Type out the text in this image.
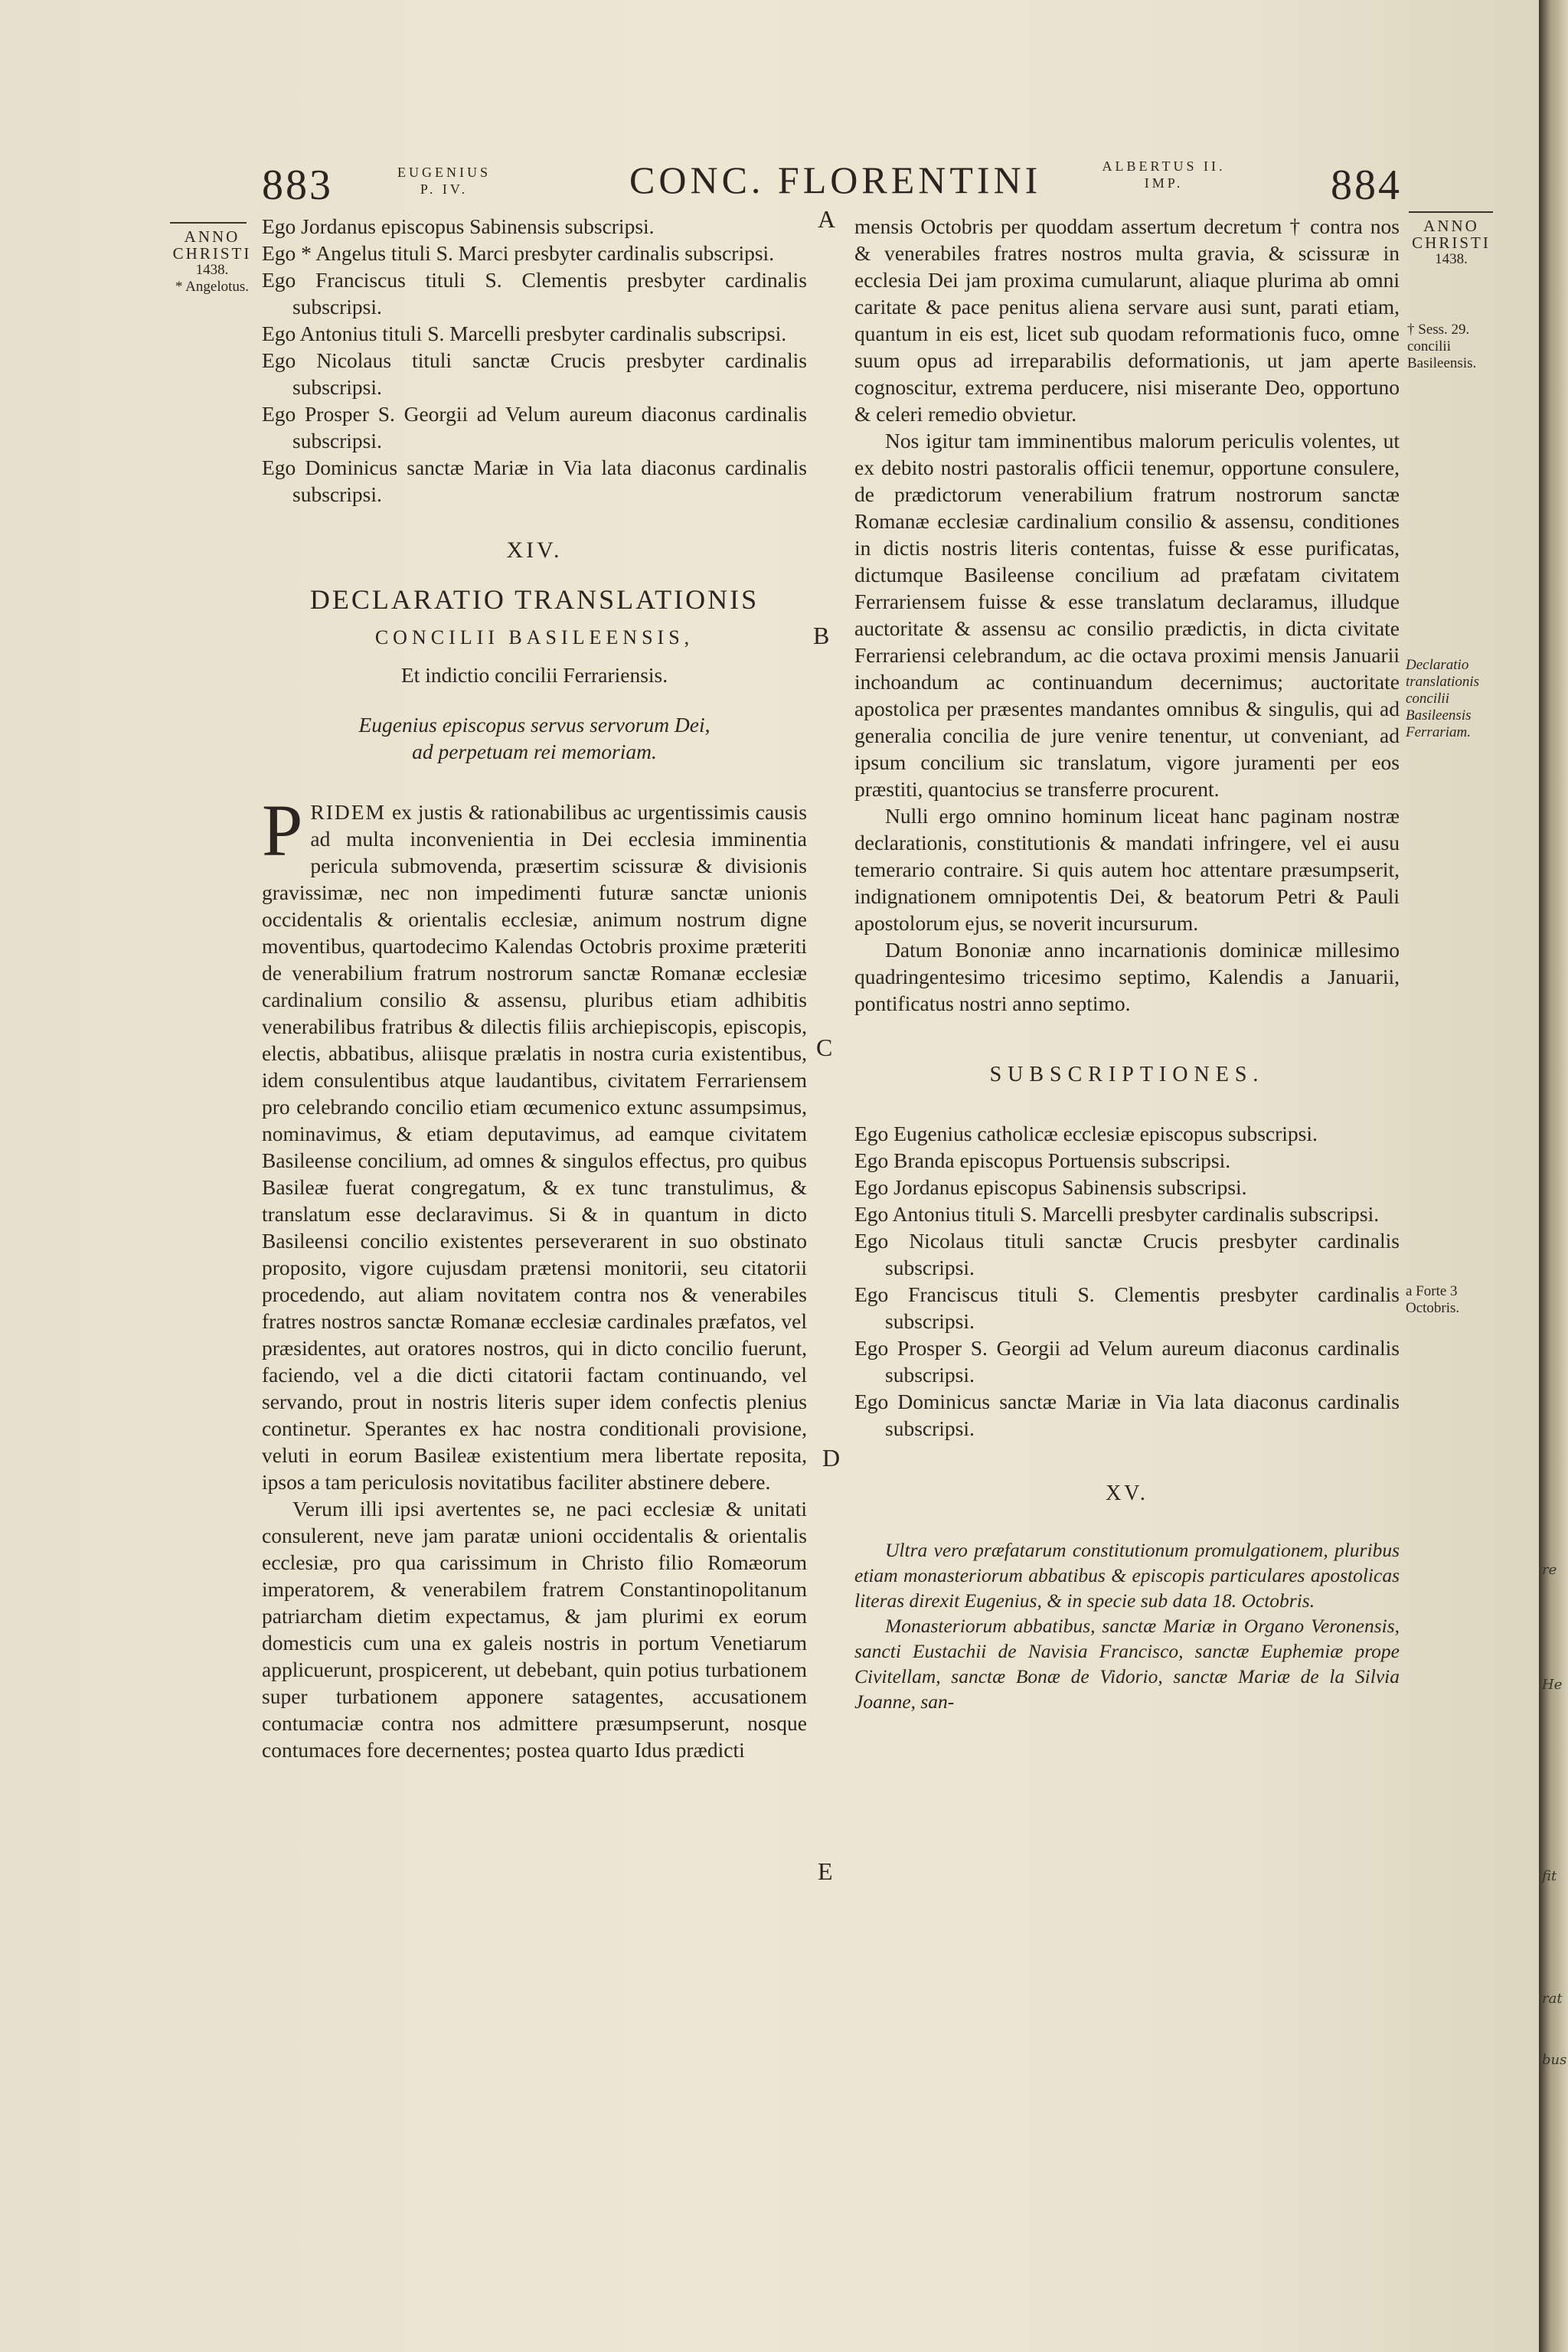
883	EUGENIUS
P. IV.	CONC. FLORENTINI	ALBERTUS II.
IMP.	884
ANNO
CHRISTI
1438.
* Angelotus.
ANNO
CHRISTI
1438.
† Sess. 29. concilii Basileensis.
Declaratio translationis concilii Basileensis Ferrariam.
a Forte 3 Octobris.
A
B
C
D
E

Ego Jordanus episcopus Sabinensis subscripsi.

Ego * Angelus tituli S. Marci presbyter cardinalis subscripsi.

Ego Franciscus tituli S. Clementis presbyter cardinalis subscripsi.

Ego Antonius tituli S. Marcelli presbyter cardinalis subscripsi.

Ego Nicolaus tituli sanctæ Crucis presbyter cardinalis subscripsi.

Ego Prosper S. Georgii ad Velum aureum diaconus cardinalis subscripsi.

Ego Dominicus sanctæ Mariæ in Via lata diaconus cardinalis subscripsi.

XIV.

DECLARATIO TRANSLATIONIS

CONCILII BASILEENSIS,

Et indictio concilii Ferrariensis.

Eugenius episcopus servus servorum Dei,

ad perpetuam rei memoriam.

PRIDEM ex justis & rationabilibus ac urgentissimis causis ad multa inconvenientia in Dei ecclesia imminentia pericula submovenda, præsertim scissuræ & divisionis gravissimæ, nec non impedimenti futuræ sanctæ unionis occidentalis & orientalis ecclesiæ, animum nostrum digne moventibus, quartodecimo Kalendas Octobris proxime præteriti de venerabilium fratrum nostrorum sanctæ Romanæ ecclesiæ cardinalium consilio & assensu, pluribus etiam adhibitis venerabilibus fratribus & dilectis filiis archiepiscopis, episcopis, electis, abbatibus, aliisque prælatis in nostra curia existentibus, idem consulentibus atque laudantibus, civitatem Ferrariensem pro celebrando concilio etiam œcumenico extunc assumpsimus, nominavimus, & etiam deputavimus, ad eamque civitatem Basileense concilium, ad omnes & singulos effectus, pro quibus Basileæ fuerat congregatum, & ex tunc transtulimus, & translatum esse declaravimus. Si & in quantum in dicto Basileensi concilio existentes perseverarent in suo obstinato proposito, vigore cujusdam prætensi monitorii, seu citatorii procedendo, aut aliam novitatem contra nos & venerabiles fratres nostros sanctæ Romanæ ecclesiæ cardinales præfatos, vel præsidentes, aut oratores nostros, qui in dicto concilio fuerunt, faciendo, vel a die dicti citatorii factam continuando, vel servando, prout in nostris literis super idem confectis plenius continetur. Sperantes ex hac nostra conditionali provisione, veluti in eorum Basileæ existentium mera libertate reposita, ipsos a tam periculosis novitatibus faciliter abstinere debere.

Verum illi ipsi avertentes se, ne paci ecclesiæ & unitati consulerent, neve jam paratæ unioni occidentalis & orientalis ecclesiæ, pro qua carissimum in Christo filio Romæorum imperatorem, & venerabilem fratrem Constantinopolitanum patriarcham dietim expectamus, & jam plurimi ex eorum domesticis cum una ex galeis nostris in portum Venetiarum applicuerunt, prospicerent, ut debebant, quin potius turbationem super turbationem apponere satagentes, accusationem contumaciæ contra nos admittere præsumpserunt, nosque contumaces fore decernentes; postea quarto Idus prædicti

mensis Octobris per quoddam assertum decretum † contra nos & venerabiles fratres nostros multa gravia, & scissuræ in ecclesia Dei jam proxima cumularunt, aliaque plurima ab omni caritate & pace penitus aliena servare ausi sunt, parati etiam, quantum in eis est, licet sub quodam reformationis fuco, omne suum opus ad irreparabilis deformationis, ut jam aperte cognoscitur, extrema perducere, nisi miserante Deo, opportuno & celeri remedio obvietur.

Nos igitur tam imminentibus malorum periculis volentes, ut ex debito nostri pastoralis officii tenemur, opportune consulere, de prædictorum venerabilium fratrum nostrorum sanctæ Romanæ ecclesiæ cardinalium consilio & assensu, conditiones in dictis nostris literis contentas, fuisse & esse purificatas, dictumque Basileense concilium ad præfatam civitatem Ferrariensem fuisse & esse translatum declaramus, illudque auctoritate & assensu ac consilio prædictis, in dicta civitate Ferrariensi celebrandum, ac die octava proximi mensis Januarii inchoandum ac continuandum decernimus; auctoritate apostolica per præsentes mandantes omnibus & singulis, qui ad generalia concilia de jure venire tenentur, ut conveniant, ad ipsum concilium sic translatum, vigore juramenti per eos præstiti, quantocius se transferre procurent.

Nulli ergo omnino hominum liceat hanc paginam nostræ declarationis, constitutionis & mandati infringere, vel ei ausu temerario contraire. Si quis autem hoc attentare præsumpserit, indignationem omnipotentis Dei, & beatorum Petri & Pauli apostolorum ejus, se noverit incursurum.

Datum Bononiæ anno incarnationis dominicæ millesimo quadringentesimo tricesimo septimo, Kalendis a Januarii, pontificatus nostri anno septimo.

SUBSCRIPTIONES.

Ego Eugenius catholicæ ecclesiæ episcopus subscripsi.

Ego Branda episcopus Portuensis subscripsi.

Ego Jordanus episcopus Sabinensis subscripsi.

Ego Antonius tituli S. Marcelli presbyter cardinalis subscripsi.

Ego Nicolaus tituli sanctæ Crucis presbyter cardinalis subscripsi.

Ego Franciscus tituli S. Clementis presbyter cardinalis subscripsi.

Ego Prosper S. Georgii ad Velum aureum diaconus cardinalis subscripsi.

Ego Dominicus sanctæ Mariæ in Via lata diaconus cardinalis subscripsi.

XV.

Ultra vero præfatarum constitutionum promulgationem, pluribus etiam monasteriorum abbatibus & episcopis particulares apostolicas literas direxit Eugenius, & in specie sub data 18. Octobris.

Monasteriorum abbatibus, sanctæ Mariæ in Organo Veronensis, sancti Eustachii de Navisia Francisco, sanctæ Euphemiæ prope Civitellam, sanctæ Bonæ de Vidorio, sanctæ Mariæ de la Silvia Joanne, san-

re
He
fit
rat
bus
